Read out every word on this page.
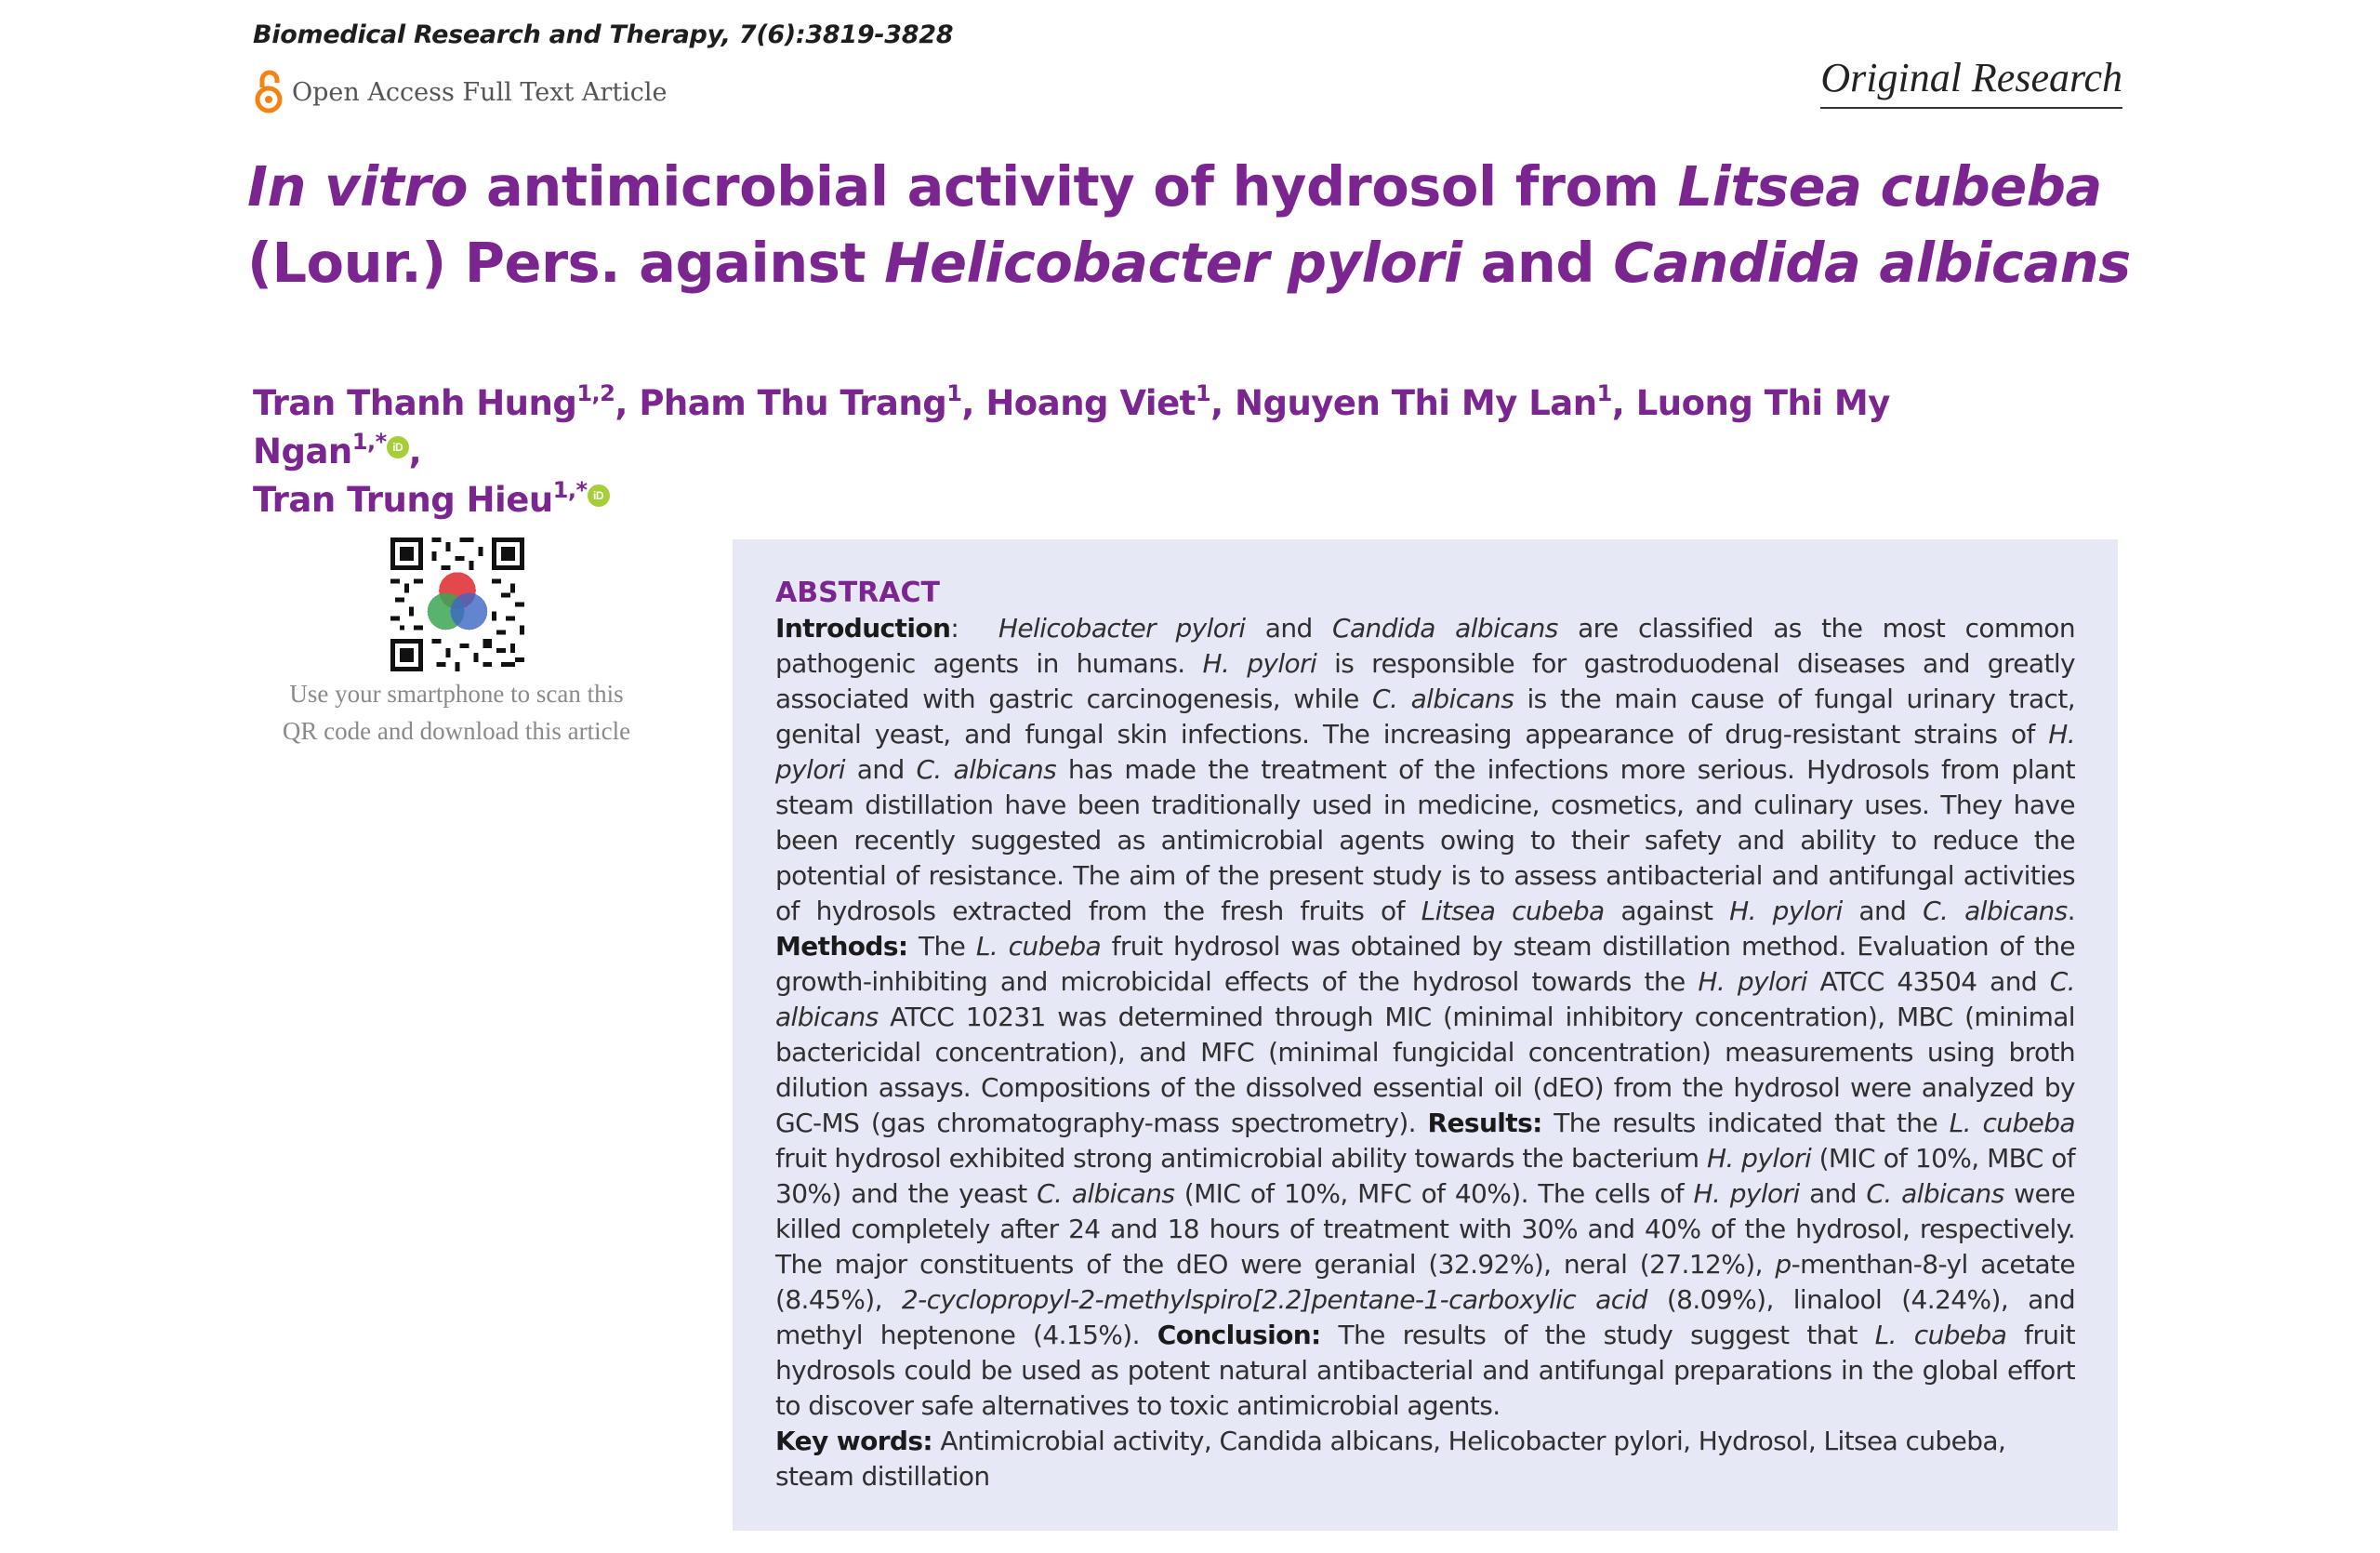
Biomedical Research and Therapy, 7(6):3819-3828
Open Access Full Text Article	Original Research
In vitro antimicrobial activity of hydrosol from Litsea cubeba
(Lour.) Pers. against Helicobacter pylori and Candida albicans
Tran Thanh Hung$^{1,2}$, Pham Thu Trang$^1$, Hoang Viet$^1$, Nguyen Thi My Lan$^1$, Luong Thi My Ngan$^{1,*}$ iD ,
Tran Trung Hieu$^{1,*}$ iD
Use your smartphone to scan this
QR code and download this article
ABSTRACT
Introduction:  Helicobacter pylori and Candida albicans are classified as the most common pathogenic agents in humans. H. pylori is responsible for gastroduodenal diseases and greatly associated with gastric carcinogenesis, while C. albicans is the main cause of fungal urinary tract, genital yeast, and fungal skin infections. The increasing appearance of drug-resistant strains of H. pylori and C. albicans has made the treatment of the infections more serious. Hydrosols from plant steam distillation have been traditionally used in medicine, cosmetics, and culinary uses. They have been recently suggested as antimicrobial agents owing to their safety and ability to reduce the potential of resistance. The aim of the present study is to assess antibacterial and antifungal activities of hydrosols extracted from the fresh fruits of Litsea cubeba against H. pylori and C. albicans. Methods: The L. cubeba fruit hydrosol was obtained by steam distillation method. Evaluation of the growth-inhibiting and microbicidal effects of the hydrosol towards the H. pylori ATCC 43504 and C. albicans ATCC 10231 was determined through MIC (minimal inhibitory concentration), MBC (minimal bactericidal concentration), and MFC (minimal fungicidal concentration) measurements using broth dilution assays. Compositions of the dissolved essential oil (dEO) from the hydrosol were analyzed by GC-MS (gas chromatography-mass spectrometry). Results: The results indicated that the L. cubeba fruit hydrosol exhibited strong antimicrobial ability towards the bacterium H. pylori (MIC of 10%, MBC of 30%) and the yeast C. albicans (MIC of 10%, MFC of 40%). The cells of H. pylori and C. albicans were killed completely after 24 and 18 hours of treatment with 30% and 40% of the hydrosol, respectively. The major constituents of the dEO were geranial (32.92%), neral (27.12%), p-menthan-8-yl acetate (8.45%), 2-cyclopropyl-2-methylspiro[2.2]pentane-1-carboxylic acid (8.09%), linalool (4.24%), and methyl heptenone (4.15%). Conclusion: The results of the study suggest that L. cubeba fruit hydrosols could be used as potent natural antibacterial and antifungal preparations in the global effort to discover safe alternatives to toxic antimicrobial agents.
Key words: Antimicrobial activity, Candida albicans, Helicobacter pylori, Hydrosol, Litsea cubeba, steam distillation
